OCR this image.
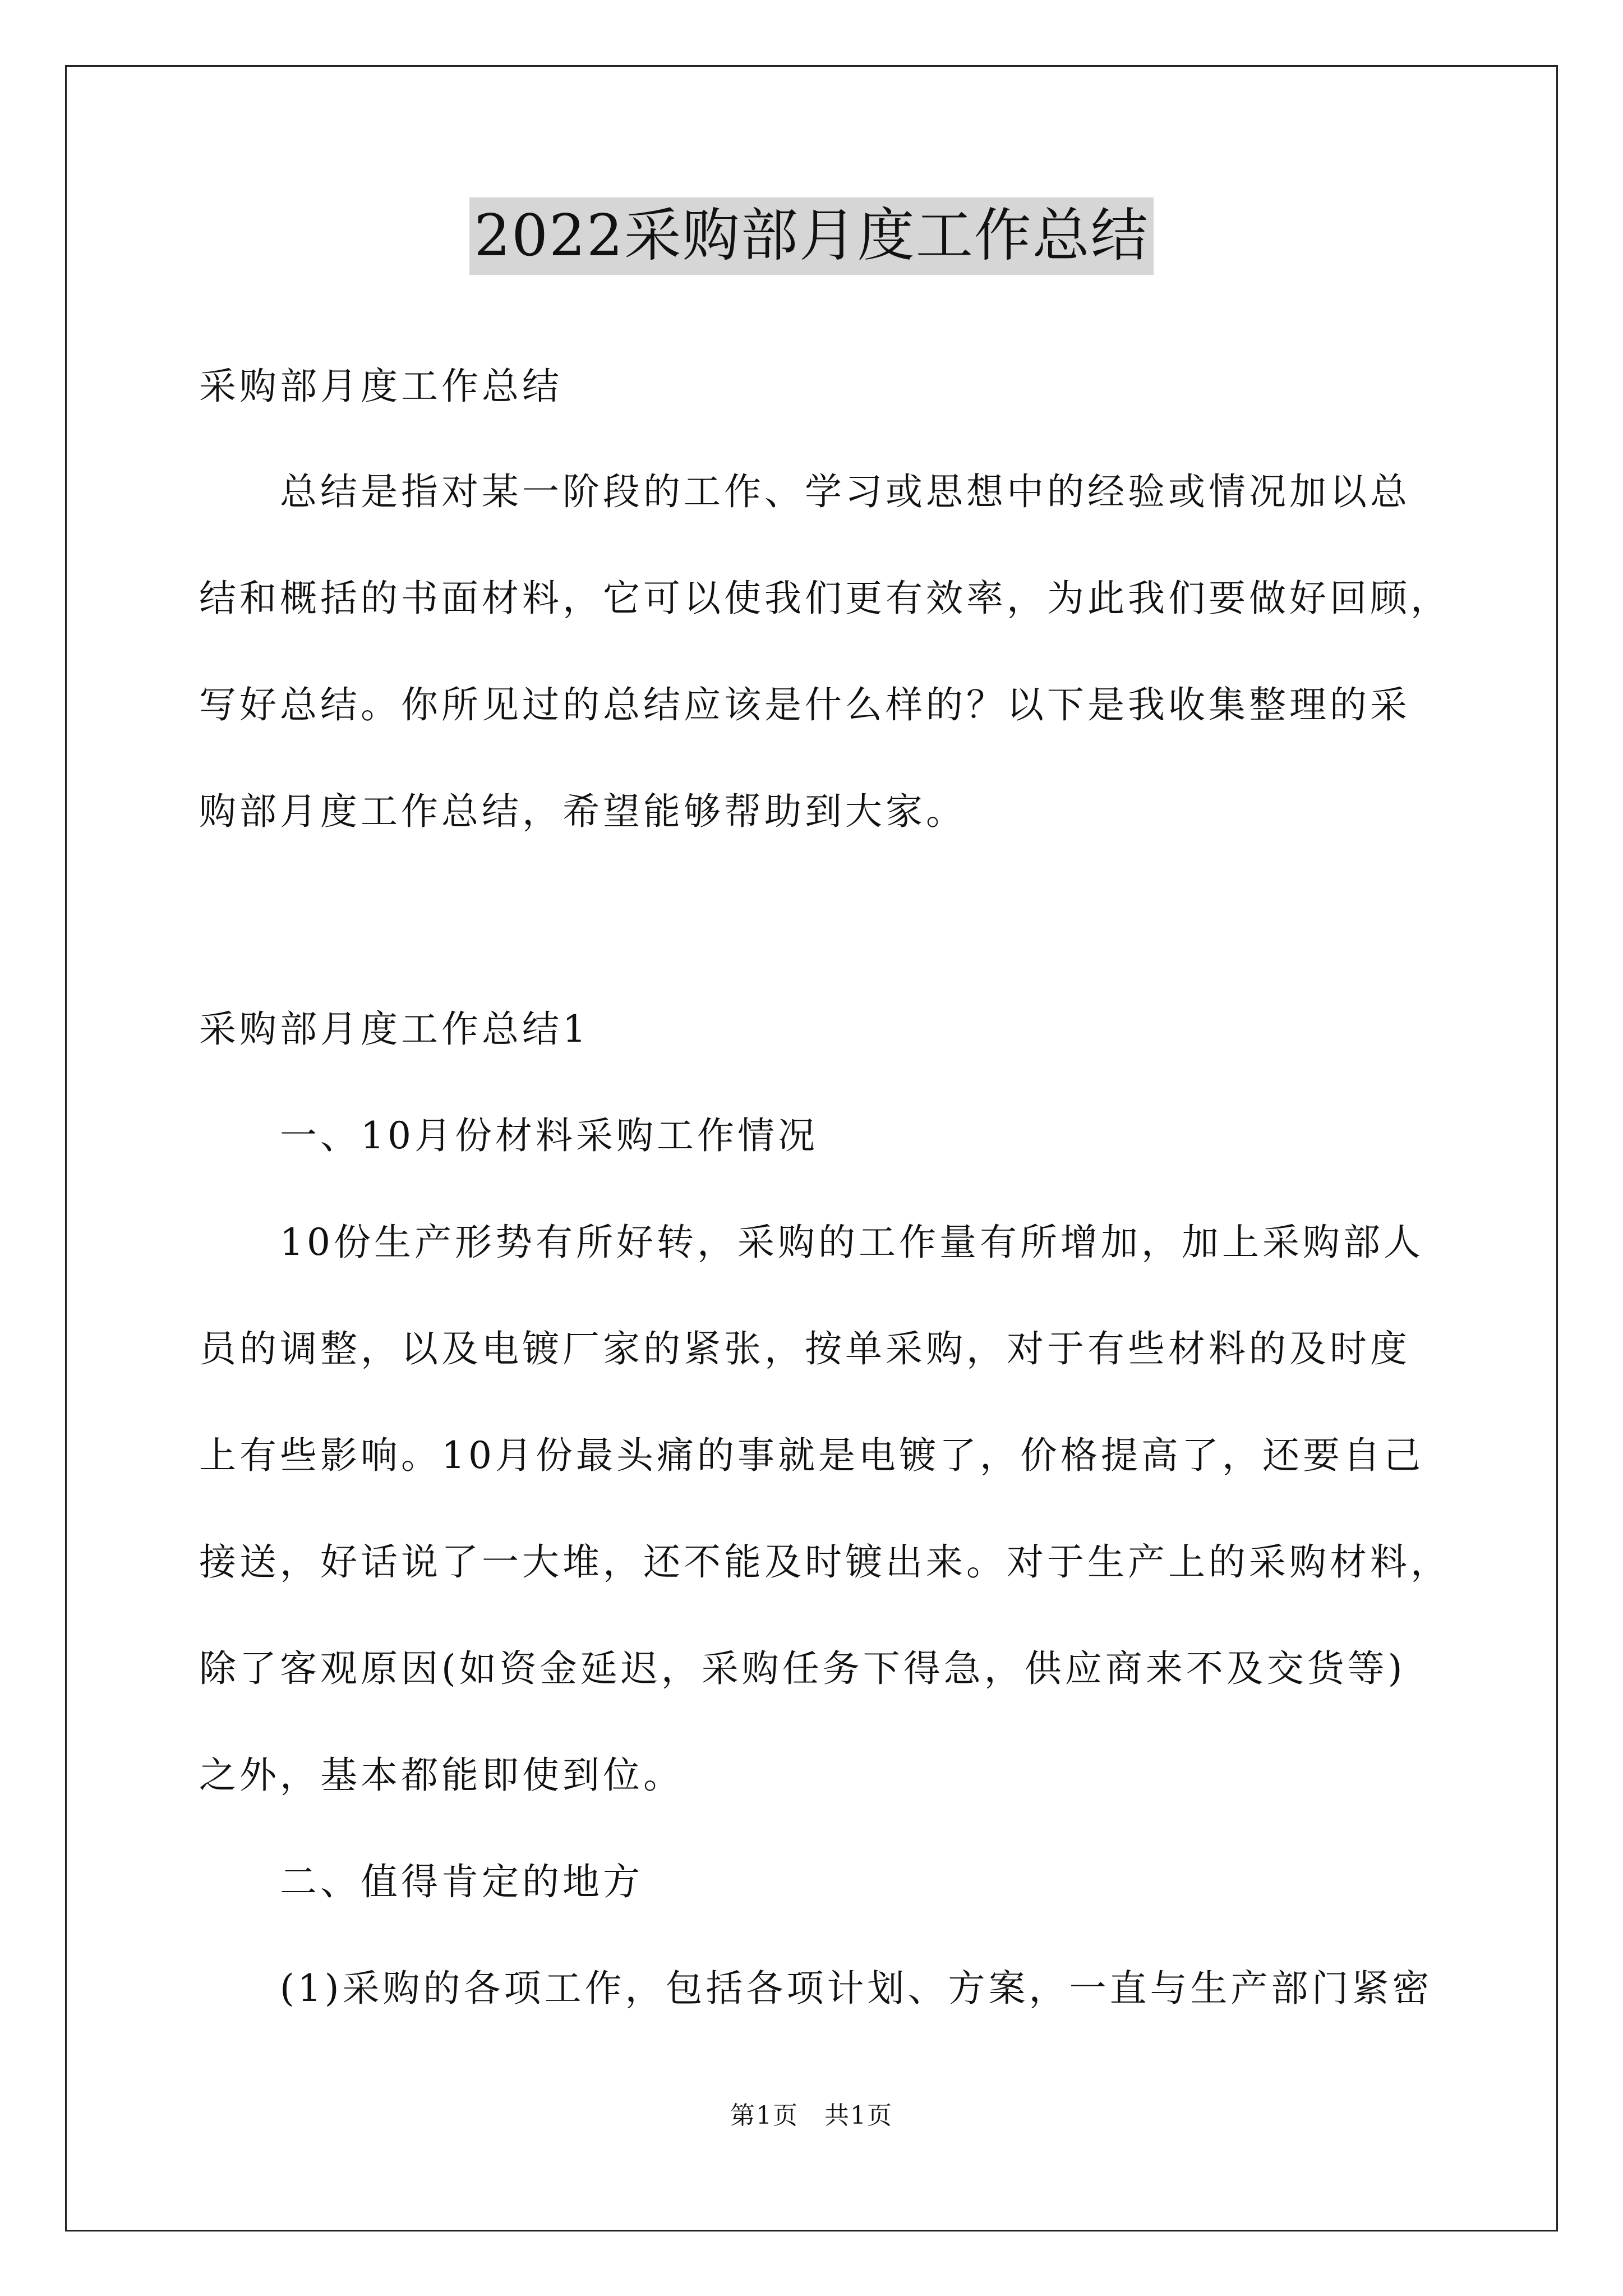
2022采购部月度工作总结
采购部月度工作总结
　　总结是指对某一阶段的工作、学习或思想中的经验或情况加以总
结和概括的书面材料，它可以使我们更有效率，为此我们要做好回顾，
写好总结。你所见过的总结应该是什么样的？以下是我收集整理的采
购部月度工作总结，希望能够帮助到大家。
采购部月度工作总结1
　　一、10月份材料采购工作情况
　　10份生产形势有所好转，采购的工作量有所增加，加上采购部人
员的调整，以及电镀厂家的紧张，按单采购，对于有些材料的及时度
上有些影响。10月份最头痛的事就是电镀了，价格提高了，还要自己
接送，好话说了一大堆，还不能及时镀出来。对于生产上的采购材料，
除了客观原因(如资金延迟，采购任务下得急，供应商来不及交货等)
之外，基本都能即使到位。
　　二、值得肯定的地方
　　(1)采购的各项工作，包括各项计划、方案，一直与生产部门紧密
第1页　共1页
